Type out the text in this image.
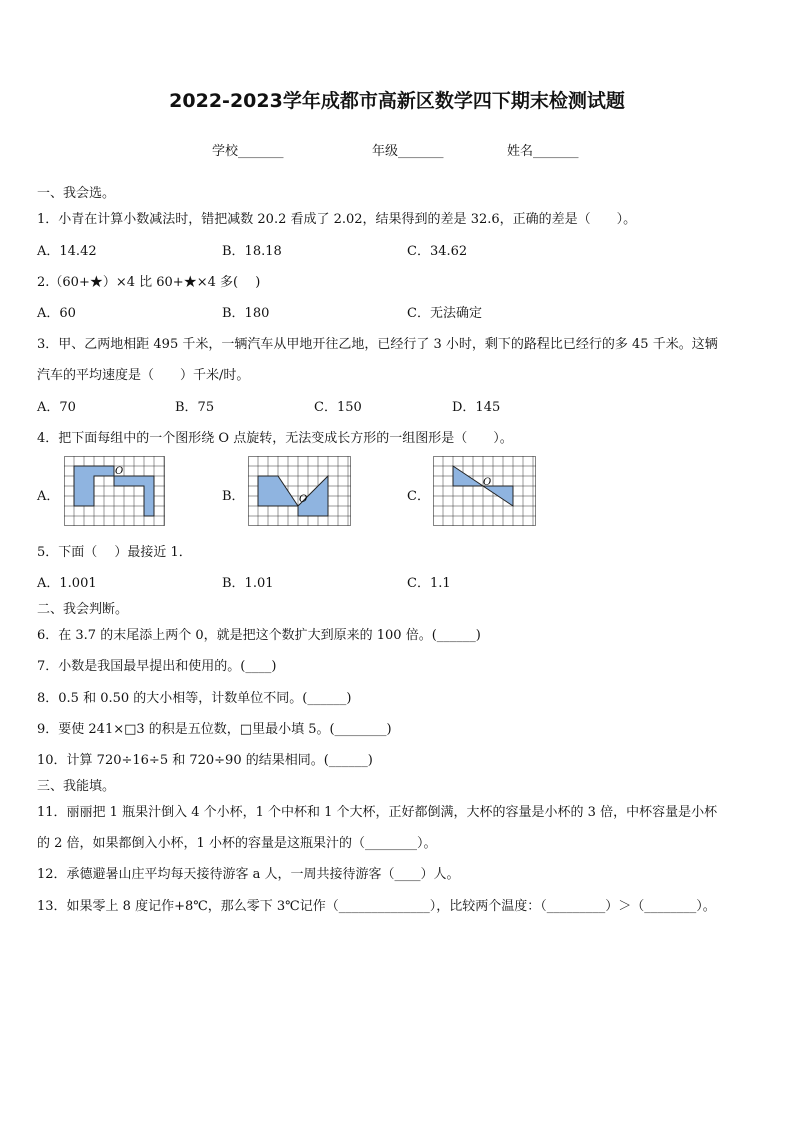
2022-2023学年成都市高新区数学四下期末检测试题
学校_______	年级_______	姓名_______
一、我会选。
1．小青在计算小数减法时，错把减数 20.2 看成了 2.02，结果得到的差是 32.6，正确的差是（　　）。
A．14.42	B．18.18	C．34.62
2.（60+★）×4 比 60+★×4 多(　 )
A．60	B．180	C．无法确定
3．甲、乙两地相距 495 千米，一辆汽车从甲地开往乙地，已经行了 3 小时，剩下的路程比已经行的多 45 千米。这辆
汽车的平均速度是（　　）千米/时。
A．70	B．75	C．150	D．145
4．把下面每组中的一个图形绕 O 点旋转，无法变成长方形的一组图形是（　　）。
A．
O
B．	O	C．
O
5．下面（　 ）最接近 1．
A．1.001	B．1.01	C．1.1
二、我会判断。
6．在 3.7 的末尾添上两个 0，就是把这个数扩大到原来的 100 倍。(______)
7．小数是我国最早提出和使用的。(____)
8．0.5 和 0.50 的大小相等，计数单位不同。(______)
9．要使 241×□3 的积是五位数，□里最小填 5。(________)
10．计算 720÷16÷5 和 720÷90 的结果相同。(______)
三、我能填。
11．丽丽把 1 瓶果汁倒入 4 个小杯，1 个中杯和 1 个大杯，正好都倒满，大杯的容量是小杯的 3 倍，中杯容量是小杯
的 2 倍，如果都倒入小杯，1 小杯的容量是这瓶果汁的（________）。
12．承德避暑山庄平均每天接待游客 a 人，一周共接待游客（____）人。
13．如果零上 8 度记作+8℃，那么零下 3℃记作（______________），比较两个温度：（_________）＞（________）。
